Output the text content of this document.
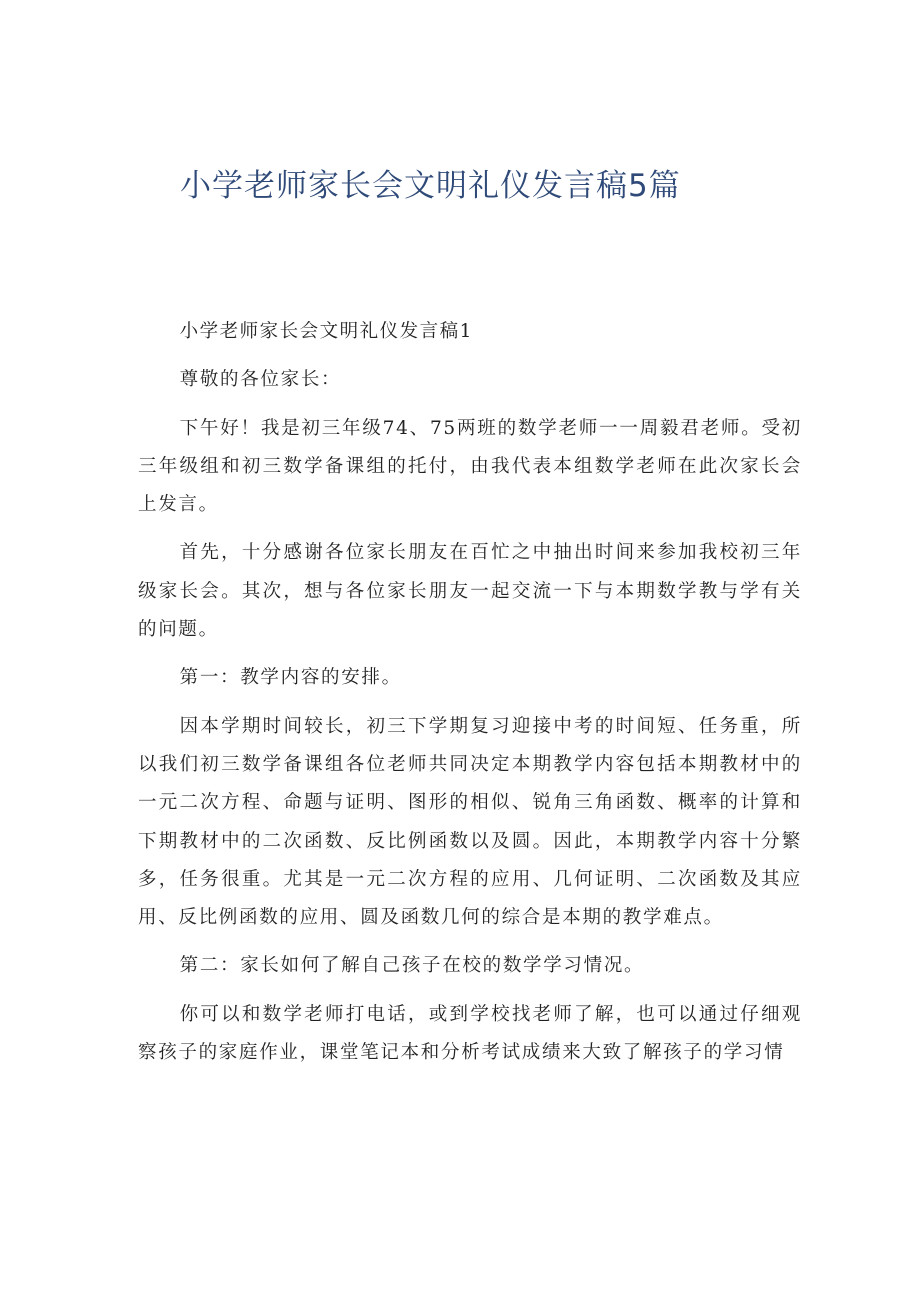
小学老师家长会文明礼仪发言稿5篇

小学老师家长会文明礼仪发言稿1

尊敬的各位家长：

下午好！我是初三年级74、75两班的数学老师一一周毅君老师。受初三年级组和初三数学备课组的托付，由我代表本组数学老师在此次家长会上发言。

首先，十分感谢各位家长朋友在百忙之中抽出时间来参加我校初三年级家长会。其次，想与各位家长朋友一起交流一下与本期数学教与学有关的问题。

第一：教学内容的安排。

因本学期时间较长，初三下学期复习迎接中考的时间短、任务重，所以我们初三数学备课组各位老师共同决定本期教学内容包括本期教材中的一元二次方程、命题与证明、图形的相似、锐角三角函数、概率的计算和下期教材中的二次函数、反比例函数以及圆。因此，本期教学内容十分繁多，任务很重。尤其是一元二次方程的应用、几何证明、二次函数及其应用、反比例函数的应用、圆及函数几何的综合是本期的教学难点。

第二：家长如何了解自己孩子在校的数学学习情况。

你可以和数学老师打电话，或到学校找老师了解，也可以通过仔细观察孩子的家庭作业，课堂笔记本和分析考试成绩来大致了解孩子的学习情
